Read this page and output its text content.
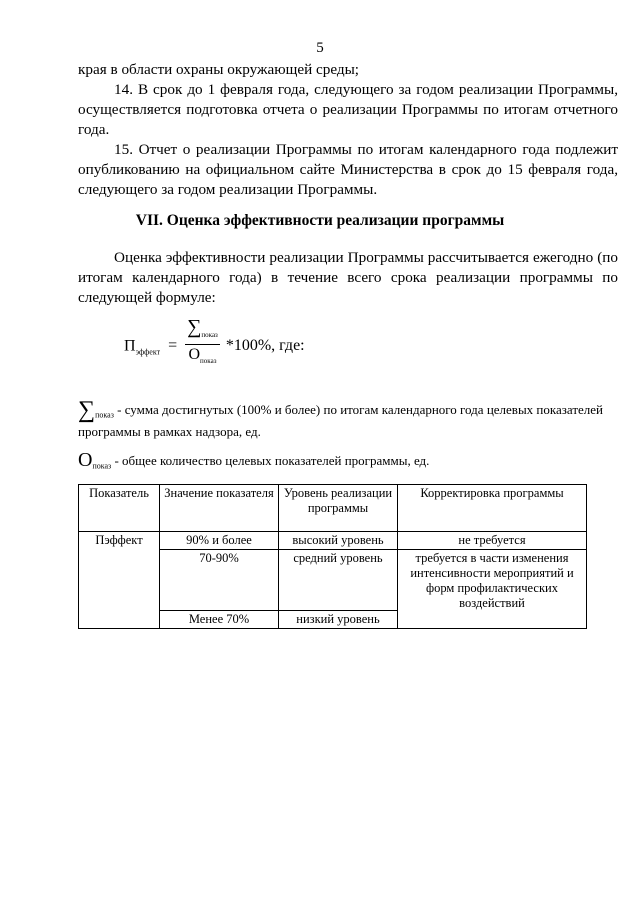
5
края в области охраны окружающей среды;
14. В срок до 1 февраля года, следующего за годом реализации Программы, осуществляется подготовка отчета о реализации Программы по итогам отчетного года.
15. Отчет о реализации Программы по итогам календарного года подлежит опубликованию на официальном сайте Министерства в срок до 15 февраля года, следующего за годом реализации Программы.
VII. Оценка эффективности реализации программы
Оценка эффективности реализации Программы рассчитывается ежегодно (по итогам календарного года) в течение всего срока реализации программы по следующей формуле:
$П_{эффект}$ =
$\sum_{показ}$
$О_{показ}$
*100%, где:
$\sum_{показ}$ - сумма достигнутых (100% и более) по итогам календарного года целевых показателей программы в рамках надзора, ед.
$О_{показ}$ - общее количество целевых показателей программы, ед.
Показатель	Значение показателя	Уровень реализации программы	Корректировка программы
Пэффект	90% и более	высокий уровень	не требуется
	70-90%	средний уровень	требуется в части изменения интенсивности мероприятий и форм профилактических воздействий
	Менее 70%	низкий уровень	
